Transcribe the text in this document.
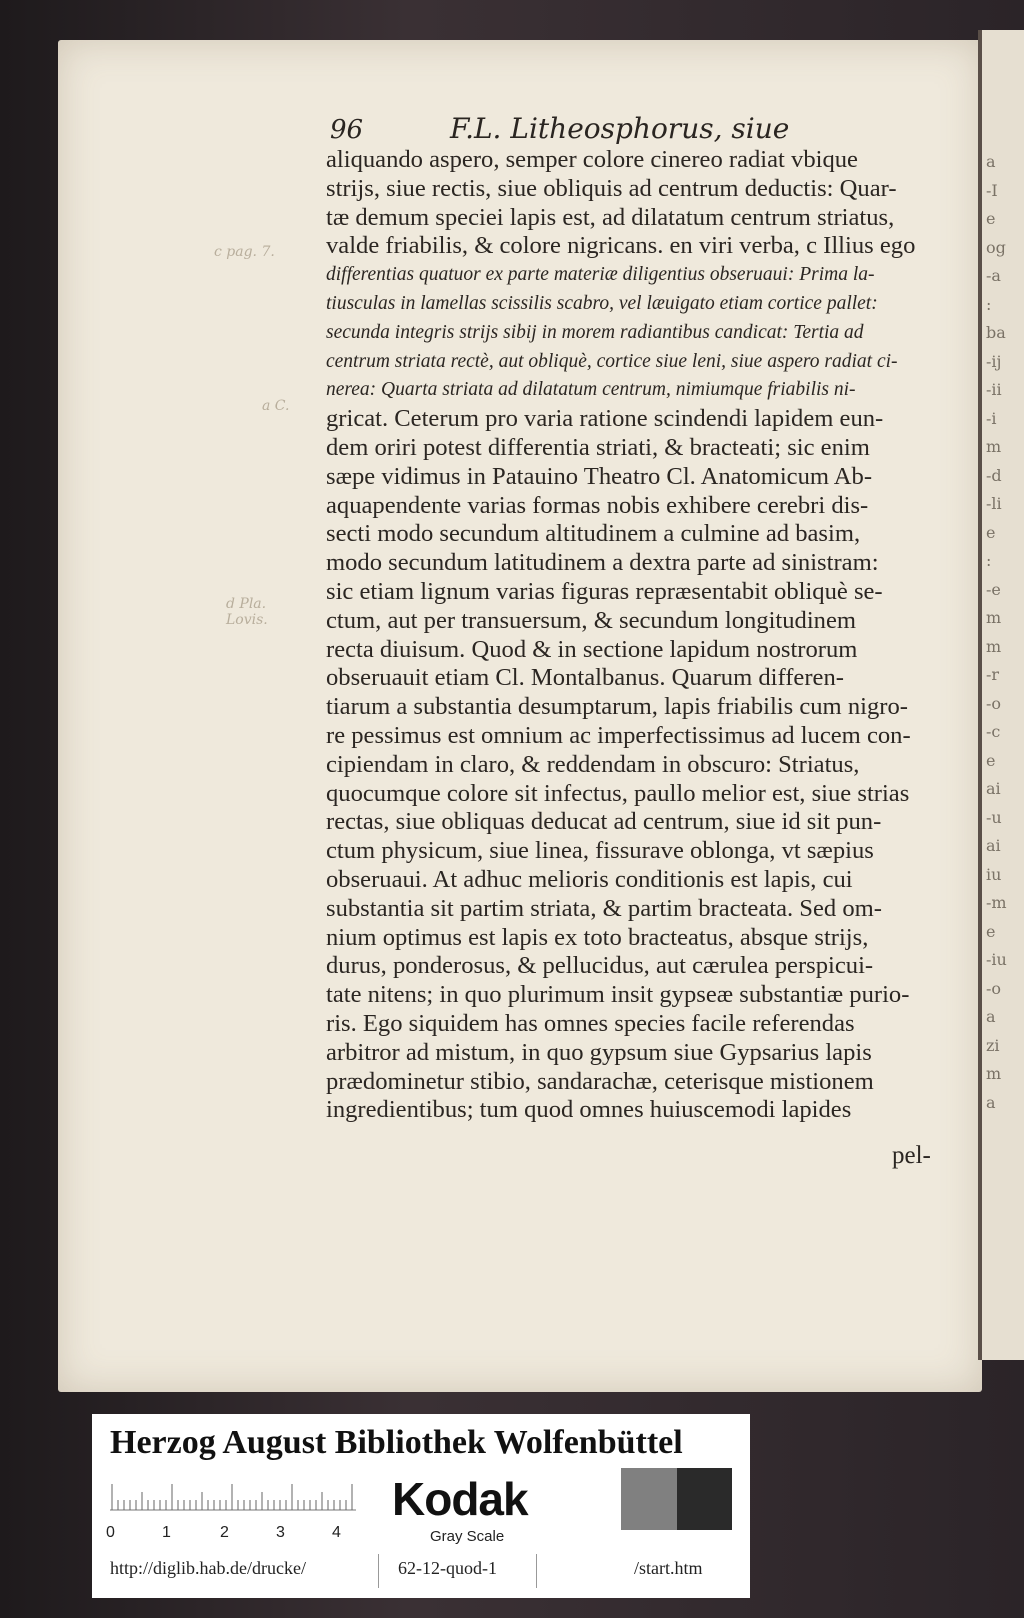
a
-I
e
og
-a
:
ba
-ij
-ii
-i
m
-d
-li
e
:
-e
m
m
-r
-o
-c
e
ai
-u
ai
iu
-m
e
-iu
-o
a
zi
m
a
96	F.L. Litheosphorus, siue
c pag. 7.
a C.
d Pla. Lovis.
aliquando aspero, semper colore cinereo radiat vbique
strijs, siue rectis, siue obliquis ad centrum deductis: Quar-
tæ demum speciei lapis est, ad dilatatum centrum striatus,
valde friabilis, & colore nigricans. en viri verba, c Illius ego
differentias quatuor ex parte materiæ diligentius obseruaui: Prima la-
tiusculas in lamellas scissilis scabro, vel læuigato etiam cortice pallet:
secunda integris strijs sibij in morem radiantibus candicat: Tertia ad
centrum striata rectè, aut obliquè, cortice siue leni, siue aspero radiat ci-
nerea: Quarta striata ad dilatatum centrum, nimiumque friabilis ni-
gricat. Ceterum pro varia ratione scindendi lapidem eun-
dem oriri potest differentia striati, & bracteati; sic enim
sæpe vidimus in Patauino Theatro Cl. Anatomicum Ab-
aquapendente varias formas nobis exhibere cerebri dis-
secti modo secundum altitudinem a culmine ad basim,
modo secundum latitudinem a dextra parte ad sinistram:
sic etiam lignum varias figuras repræsentabit obliquè se-
ctum, aut per transuersum, & secundum longitudinem
recta diuisum. Quod & in sectione lapidum nostrorum
obseruauit etiam Cl. Montalbanus. Quarum differen-
tiarum a substantia desumptarum, lapis friabilis cum nigro-
re pessimus est omnium ac imperfectissimus ad lucem con-
cipiendam in claro, & reddendam in obscuro: Striatus,
quocumque colore sit infectus, paullo melior est, siue strias
rectas, siue obliquas deducat ad centrum, siue id sit pun-
ctum physicum, siue linea, fissurave oblonga, vt sæpius
obseruaui. At adhuc melioris conditionis est lapis, cui
substantia sit partim striata, & partim bracteata. Sed om-
nium optimus est lapis ex toto bracteatus, absque strijs,
durus, ponderosus, & pellucidus, aut cærulea perspicui-
tate nitens; in quo plurimum insit gypseæ substantiæ purio-
ris. Ego siquidem has omnes species facile referendas
arbitror ad mistum, in quo gypsum siue Gypsarius lapis
prædominetur stibio, sandarachæ, ceterisque mistionem
ingredientibus; tum quod omnes huiuscemodi lapides
pel-
Herzog August Bibliothek Wolfenbüttel
0	1	2	3	4
Kodak
Gray Scale
http://diglib.hab.de/drucke/	62-12-quod-1	/start.htm
